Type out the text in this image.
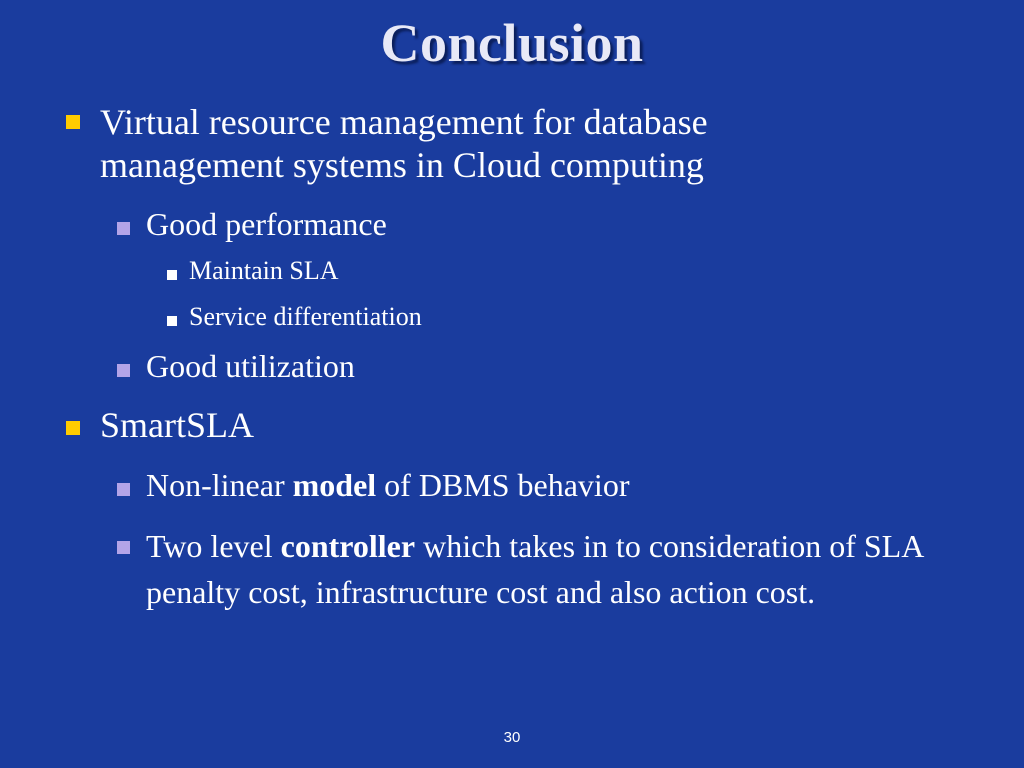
Conclusion
Virtual resource management for database management systems in Cloud computing
Good performance
Maintain SLA
Service differentiation
Good utilization
SmartSLA
Non-linear model of DBMS behavior
Two level controller which takes in to consideration of SLA penalty cost, infrastructure cost and also action cost.
30
